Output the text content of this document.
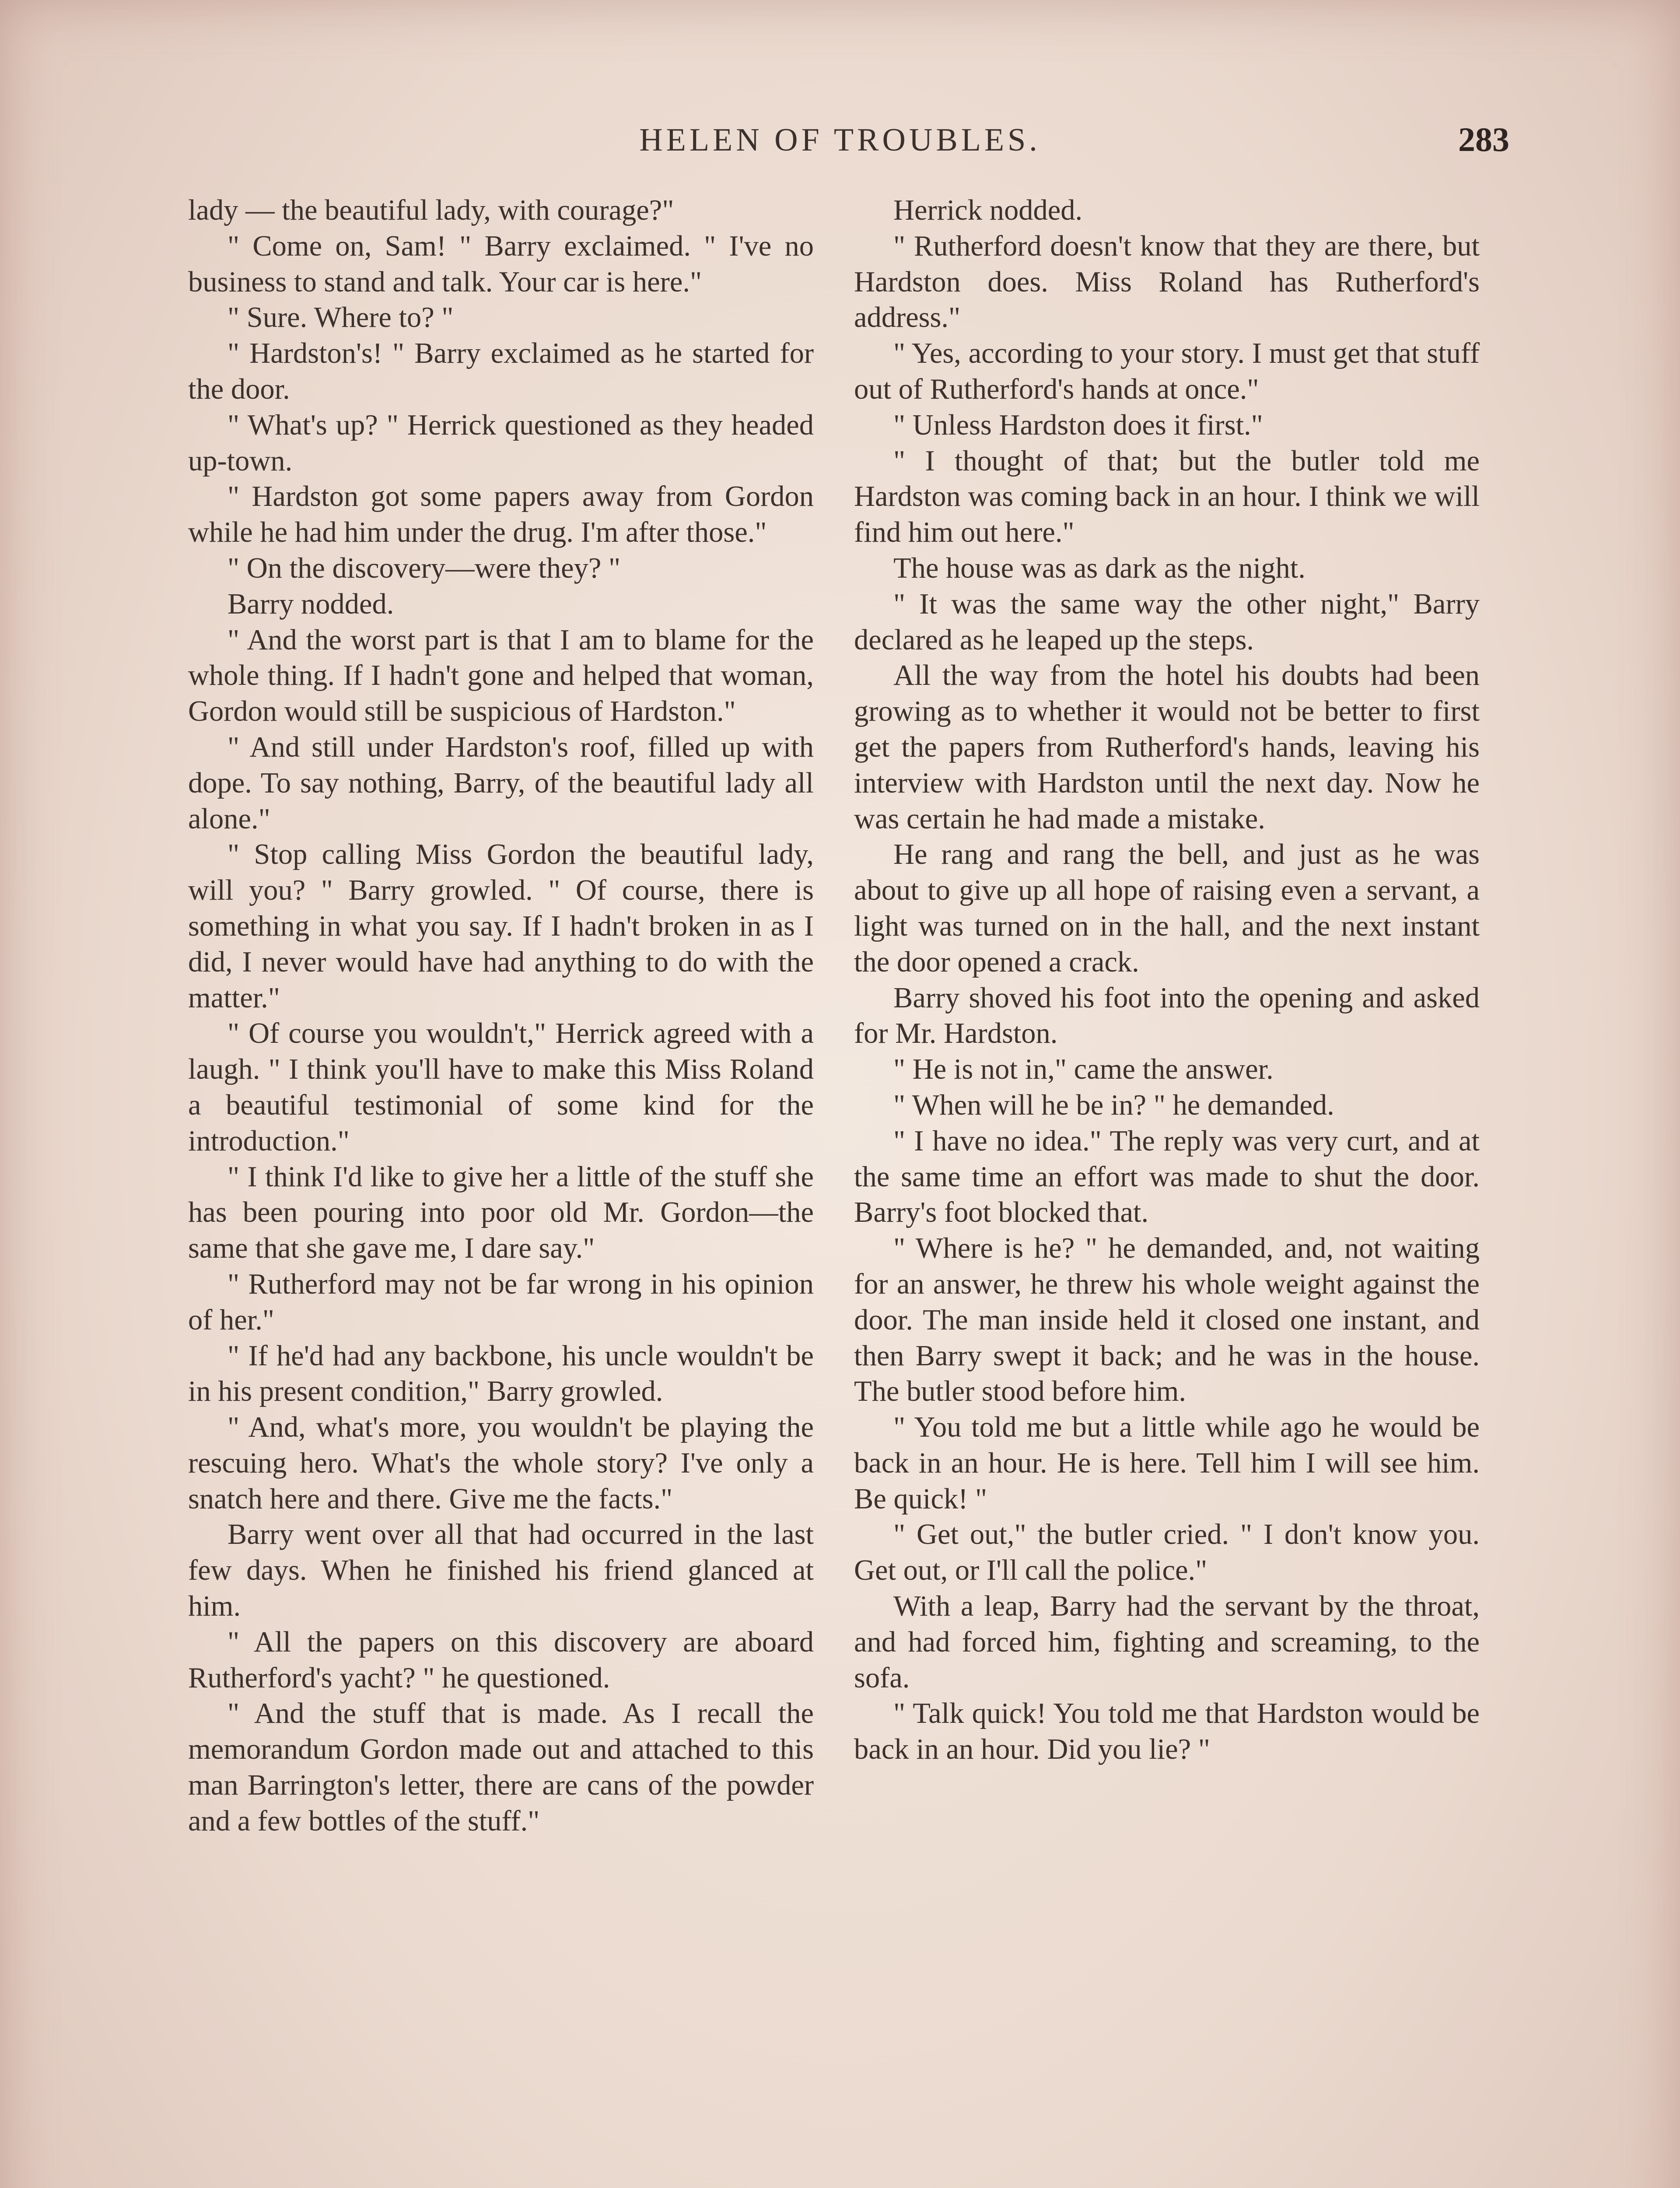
HELEN OF TROUBLES.	283

lady — the beautiful lady, with courage?"

" Come on, Sam! " Barry exclaimed. " I've no business to stand and talk. Your car is here."

" Sure. Where to? "

" Hardston's! " Barry exclaimed as he started for the door.

" What's up? " Herrick questioned as they headed up-town.

" Hardston got some papers away from Gordon while he had him under the drug. I'm after those."

" On the discovery—were they? "

Barry nodded.

" And the worst part is that I am to blame for the whole thing. If I hadn't gone and helped that woman, Gordon would still be suspicious of Hardston."

" And still under Hardston's roof, filled up with dope. To say nothing, Barry, of the beautiful lady all alone."

" Stop calling Miss Gordon the beautiful lady, will you? " Barry growled. " Of course, there is something in what you say. If I hadn't broken in as I did, I never would have had anything to do with the matter."

" Of course you wouldn't," Herrick agreed with a laugh. " I think you'll have to make this Miss Roland a beautiful testimonial of some kind for the introduction."

" I think I'd like to give her a little of the stuff she has been pouring into poor old Mr. Gordon—the same that she gave me, I dare say."

" Rutherford may not be far wrong in his opinion of her."

" If he'd had any backbone, his uncle wouldn't be in his present condition," Barry growled.

" And, what's more, you wouldn't be playing the rescuing hero. What's the whole story? I've only a snatch here and there. Give me the facts."

Barry went over all that had occurred in the last few days. When he finished his friend glanced at him.

" All the papers on this discovery are aboard Rutherford's yacht? " he questioned.

" And the stuff that is made. As I recall the memorandum Gordon made out and attached to this man Barrington's letter, there are cans of the powder and a few bottles of the stuff."

Herrick nodded.

" Rutherford doesn't know that they are there, but Hardston does. Miss Roland has Rutherford's address."

" Yes, according to your story. I must get that stuff out of Rutherford's hands at once."

" Unless Hardston does it first."

" I thought of that; but the butler told me Hardston was coming back in an hour. I think we will find him out here."

The house was as dark as the night.

" It was the same way the other night," Barry declared as he leaped up the steps.

All the way from the hotel his doubts had been growing as to whether it would not be better to first get the papers from Rutherford's hands, leaving his interview with Hardston until the next day. Now he was certain he had made a mistake.

He rang and rang the bell, and just as he was about to give up all hope of raising even a servant, a light was turned on in the hall, and the next instant the door opened a crack.

Barry shoved his foot into the opening and asked for Mr. Hardston.

" He is not in," came the answer.

" When will he be in? " he demanded.

" I have no idea." The reply was very curt, and at the same time an effort was made to shut the door. Barry's foot blocked that.

" Where is he? " he demanded, and, not waiting for an answer, he threw his whole weight against the door. The man inside held it closed one instant, and then Barry swept it back; and he was in the house. The butler stood before him.

" You told me but a little while ago he would be back in an hour. He is here. Tell him I will see him. Be quick! "

" Get out," the butler cried. " I don't know you. Get out, or I'll call the police."

With a leap, Barry had the servant by the throat, and had forced him, fighting and screaming, to the sofa.

" Talk quick! You told me that Hardston would be back in an hour. Did you lie? "
